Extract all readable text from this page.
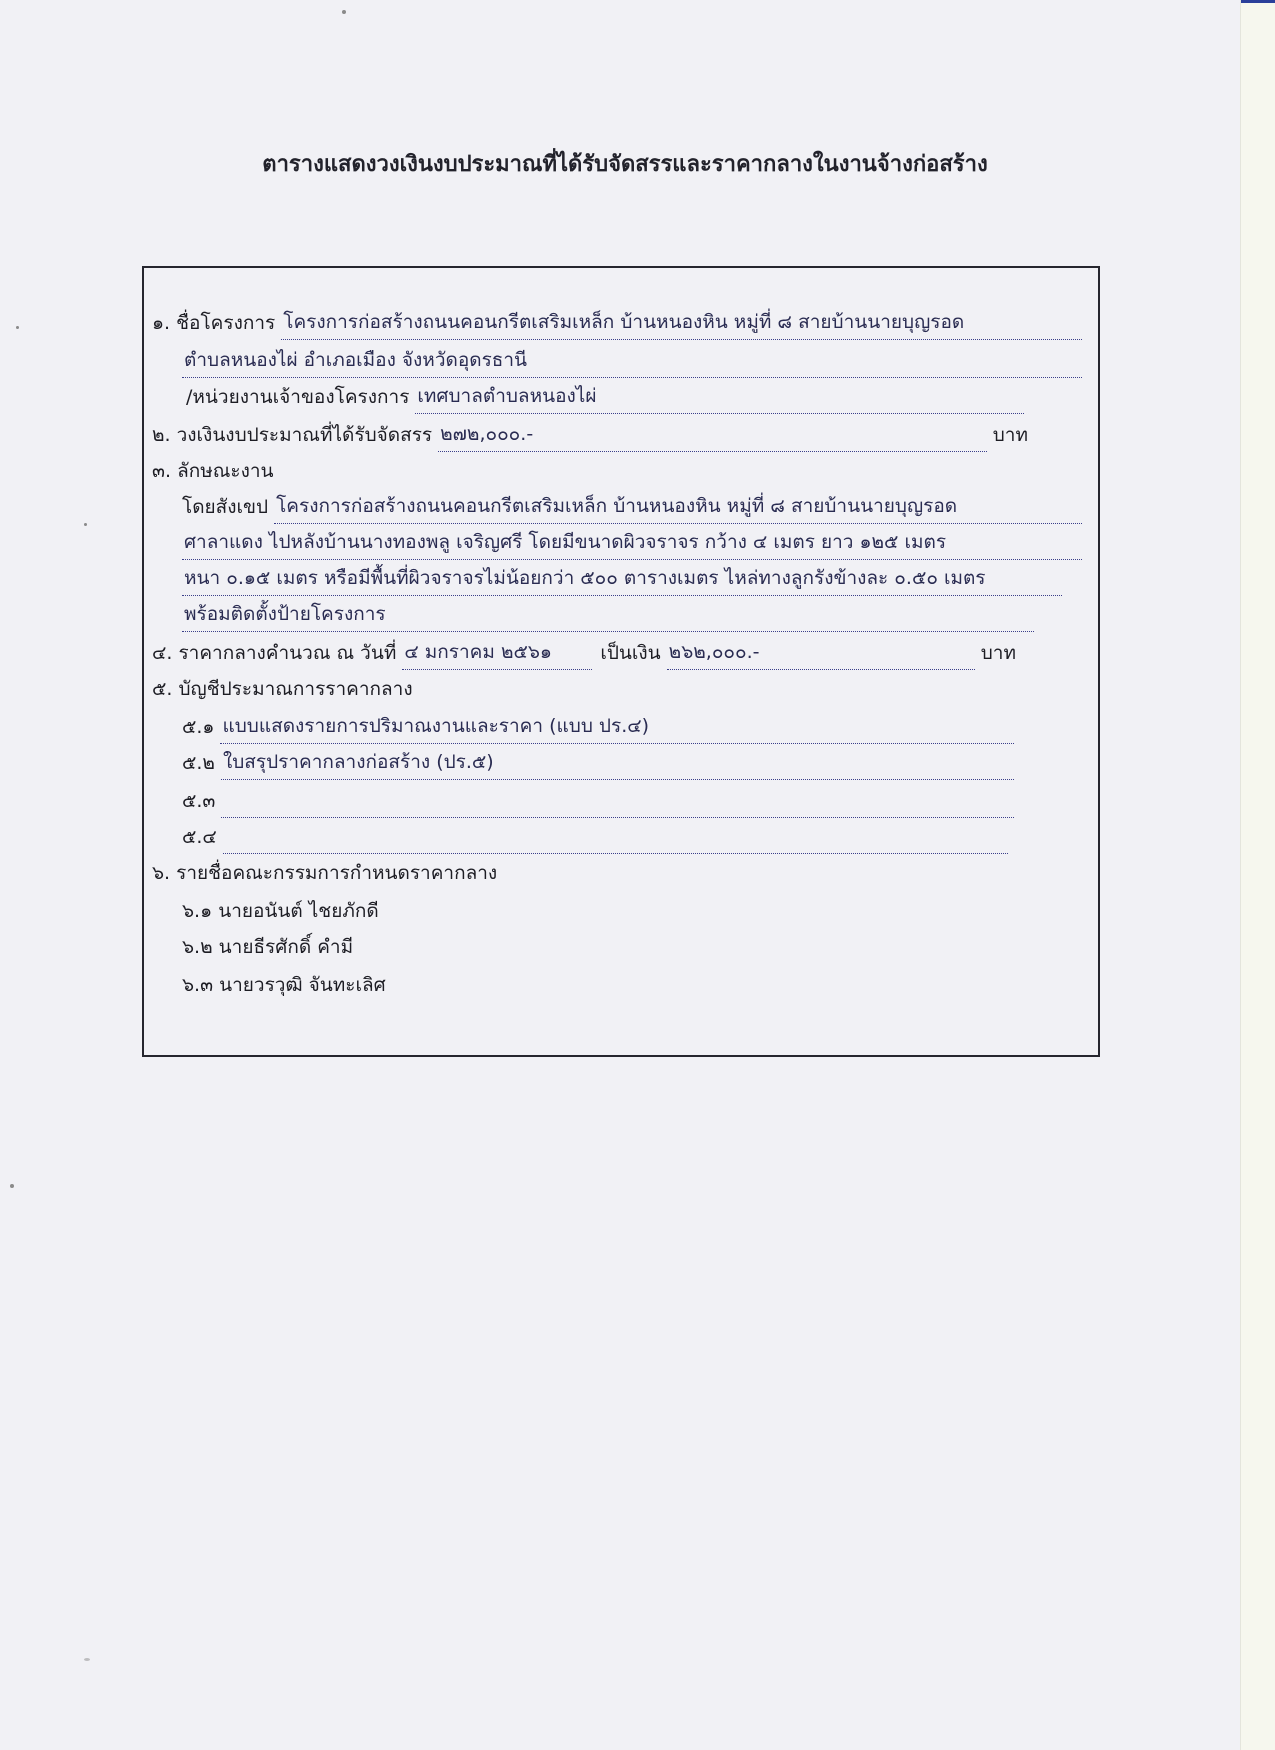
ตารางแสดงวงเงินงบประมาณที่ได้รับจัดสรรและราคากลางในงานจ้างก่อสร้าง
๑. ชื่อโครงการ โครงการก่อสร้างถนนคอนกรีตเสริมเหล็ก บ้านหนองหิน หมู่ที่ ๘ สายบ้านนายบุญรอด
ตำบลหนองไผ่ อำเภอเมือง จังหวัดอุดรธานี
/หน่วยงานเจ้าของโครงการ เทศบาลตำบลหนองไผ่
๒. วงเงินงบประมาณที่ได้รับจัดสรร ๒๗๒,๐๐๐.-	บาท
๓. ลักษณะงาน
โดยสังเขป โครงการก่อสร้างถนนคอนกรีตเสริมเหล็ก บ้านหนองหิน หมู่ที่ ๘ สายบ้านนายบุญรอด
ศาลาแดง ไปหลังบ้านนางทองพลู เจริญศรี โดยมีขนาดผิวจราจร กว้าง ๔ เมตร ยาว ๑๒๕ เมตร
หนา ๐.๑๕ เมตร หรือมีพื้นที่ผิวจราจรไม่น้อยกว่า ๕๐๐ ตารางเมตร ไหล่ทางลูกรังข้างละ ๐.๕๐ เมตร
พร้อมติดตั้งป้ายโครงการ
๔. ราคากลางคำนวณ ณ วันที่ ๔ มกราคม ๒๕๖๑	เป็นเงิน ๒๖๒,๐๐๐.-	บาท
๕. บัญชีประมาณการราคากลาง
๕.๑ แบบแสดงรายการปริมาณงานและราคา (แบบ ปร.๔)
๕.๒ ใบสรุปราคากลางก่อสร้าง (ปร.๕)
๕.๓
๕.๔
๖. รายชื่อคณะกรรมการกำหนดราคากลาง
๖.๑ นายอนันต์ ไชยภักดี
๖.๒ นายธีรศักดิ์ คำมี
๖.๓ นายวรวุฒิ จันทะเลิศ
